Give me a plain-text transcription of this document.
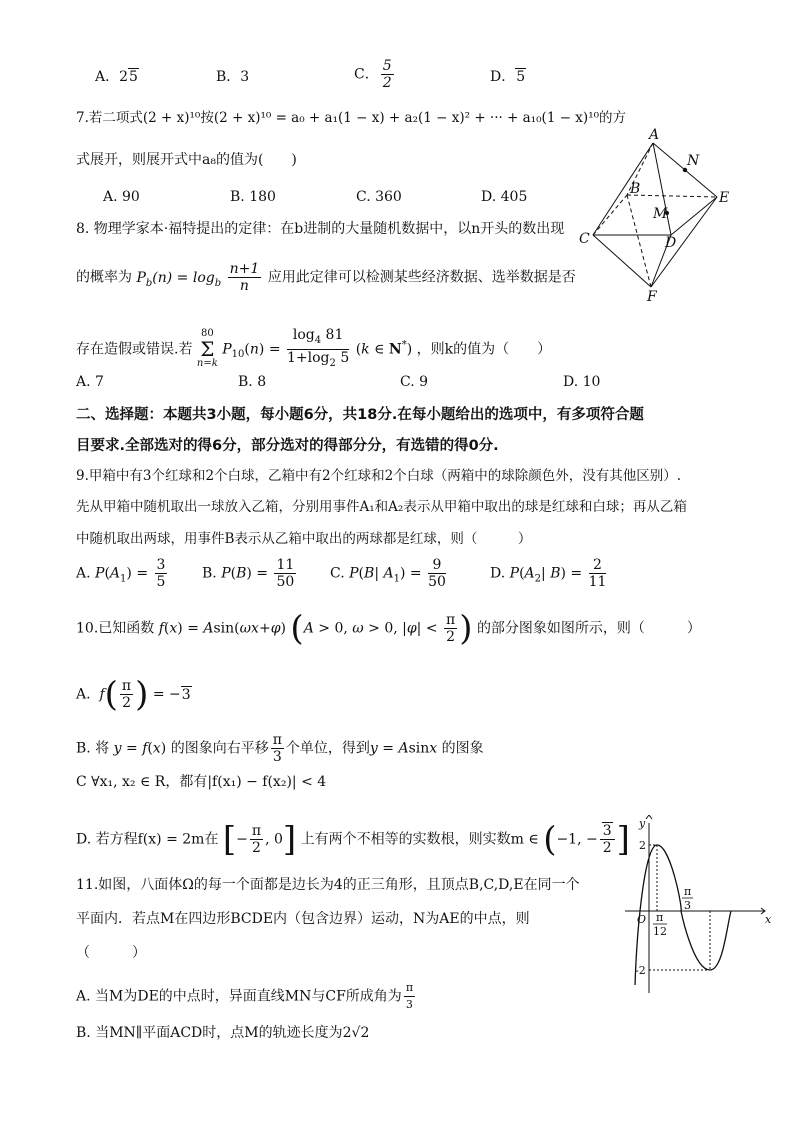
A．25	B．3	C． $\frac{5}{2}$	D．5
7.若二项式(2 + x)¹⁰按(2 + x)¹⁰ = a₀ + a₁(1 − x) + a₂(1 − x)² + ··· + a₁₀(1 − x)¹⁰的方
式展开，则展开式中a₈的值为(　　)
A. 90	B. 180	C. 360	D. 405
A
N
B
E
M
C	D
F
8. 物理学家本·福特提出的定律：在b进制的大量随机数据中，以n开头的数出现
的概率为 $P_b(n) = \log_b \frac{n+1}{n}$ 应用此定律可以检测某些经济数据、选举数据是否
存在造假或错误.若 80
Σ
n=k $P_{10}(n) = \frac{\log_4 81}{1+\log_2 5} (k$ ∈ N*) ，则k的值为（　　）
A. 7	B. 8	C. 9	D. 10
二、选择题：本题共3小题，每小题6分，共18分.在每小题给出的选项中，有多项符合题
目要求.全部选对的得6分，部分选对的得部分分，有选错的得0分.
9.甲箱中有3个红球和2个白球，乙箱中有2个红球和2个白球（两箱中的球除颜色外，没有其他区别）.
先从甲箱中随机取出一球放入乙箱，分别用事件A₁和A₂表示从甲箱中取出的球是红球和白球；再从乙箱
中随机取出两球，用事件B表示从乙箱中取出的两球都是红球，则（　　　）
A. $P(A_1) = \frac{3}{5} B$. $P(B) = \frac{11}{50} C$. P(B| $A_1) = \frac{9}{50}$	D. $P(A_2|$ $B) = \frac{2}{11}$
10.已知函数 f(x) = Asin(ωx+φ) (A > 0, ω > 0, $|\varphi| < \frac{\pi}{2}$ ) 的部分图象如图所示，则（　　　）
A.  $f( \frac{\pi}{2}$ ) = −3
B. 将 y = f(x) 的图象向右平移 $\frac{\pi}{3}$ 个单位，得到y = Asinx 的图象
C ∀x₁, x₂ ∈ R，都有|f(x₁) − f(x₂)| < 4
D. 若方程f(x) = 2m在 [− $\frac{\pi}{2}$ , 0] 上有两个不相等的实数根，则实数m ∈ (−1, − $\frac{3}{2}$ ] y
x
O
2
-2
π
12
π
3
11.如图，八面体Ω的每一个面都是边长为4的正三角形，且顶点B,C,D,E在同一个
平面内．若点M在四边形BCDE内（包含边界）运动，N为AE的中点，则
（　　　）
A. 当M为DE的中点时，异面直线MN与CF所成角为 $\frac{\pi}{3}$
B. 当MN∥平面ACD时，点M的轨迹长度为2√2
